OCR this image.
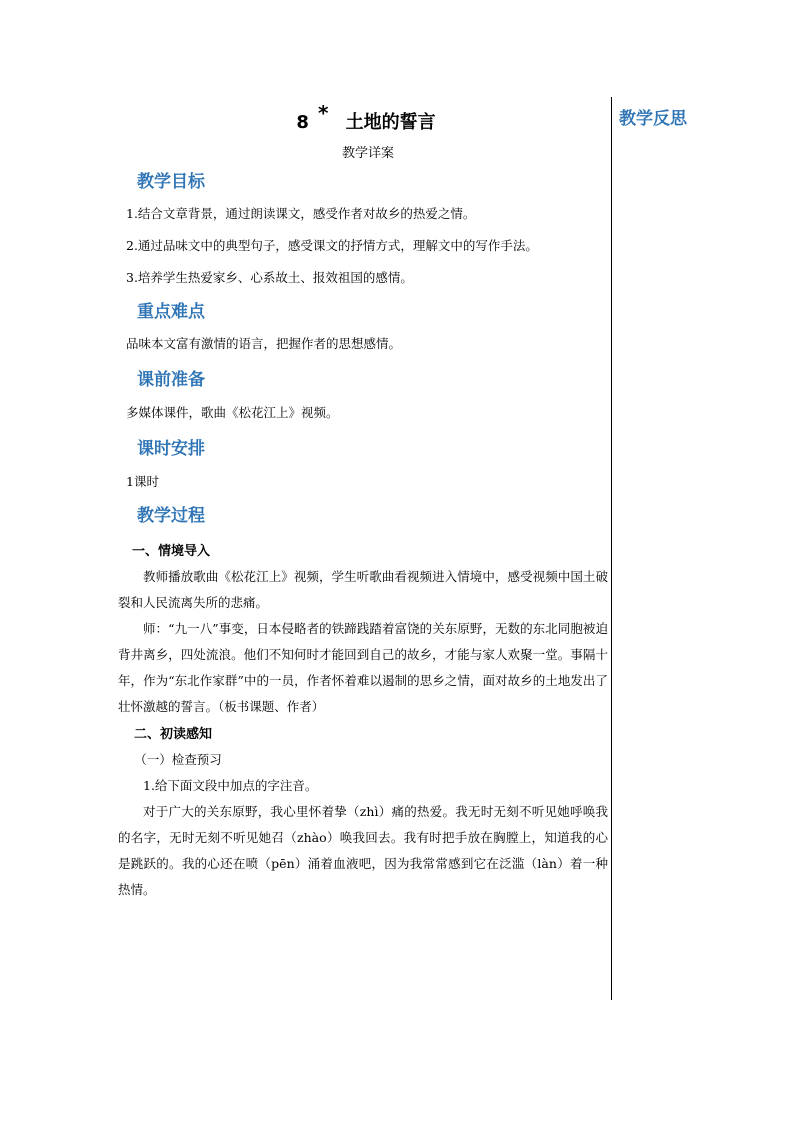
教学反思
8 * 土地的誓言
教学详案
教学目标
1.结合文章背景，通过朗读课文，感受作者对故乡的热爱之情。
2.通过品味文中的典型句子，感受课文的抒情方式，理解文中的写作手法。
3.培养学生热爱家乡、心系故土、报效祖国的感情。
重点难点
品味本文富有激情的语言，把握作者的思想感情。
课前准备
多媒体课件，歌曲《松花江上》视频。
课时安排
1课时
教学过程
一、情境导入
教师播放歌曲《松花江上》视频，学生听歌曲看视频进入情境中，感受视频中国土破裂和人民流离失所的悲痛。
师：“九一八”事变，日本侵略者的铁蹄践踏着富饶的关东原野，无数的东北同胞被迫背井离乡，四处流浪。他们不知何时才能回到自己的故乡，才能与家人欢聚一堂。事隔十年，作为“东北作家群”中的一员，作者怀着难以遏制的思乡之情，面对故乡的土地发出了壮怀激越的誓言。（板书课题、作者）
二、初读感知
（一）检查预习
1.给下面文段中加点的字注音。
对于广大的关东原野，我心里怀着挚（zhì）痛的热爱。我无时无刻不听见她呼唤我的名字，无时无刻不听见她召（zhào）唤我回去。我有时把手放在胸膛上，知道我的心是跳跃的。我的心还在喷（pēn）涌着血液吧，因为我常常感到它在泛滥（làn）着一种热情。
